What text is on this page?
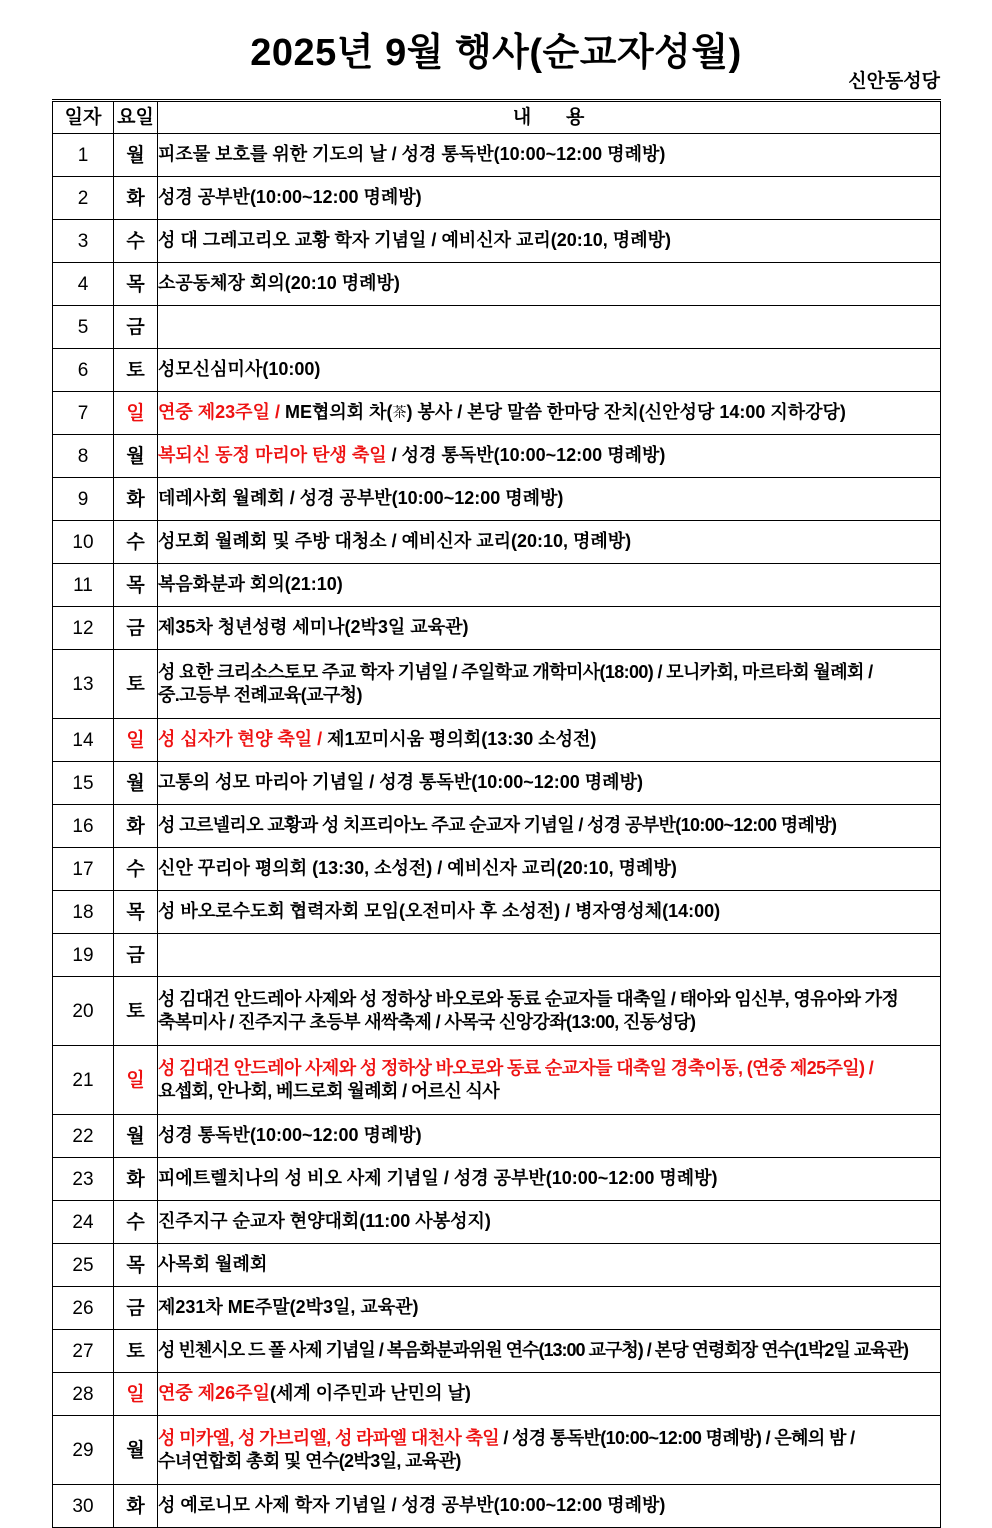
2025년 9월 행사(순교자성월)
신안동성당
일자	요일	내 용
1	월	피조물 보호를 위한 기도의 날 / 성경 통독반(10:00~12:00 명례방)

2	화	성경 공부반(10:00~12:00 명례방)

3	수	성 대 그레고리오 교황 학자 기념일 / 예비신자 교리(20:10, 명례방)

4	목	소공동체장 회의(20:10 명례방)

5	금	

6	토	성모신심미사(10:00)

7	일	연중 제23주일 / ME협의회 차(茶) 봉사 / 본당 말씀 한마당 잔치(신안성당 14:00 지하강당)

8	월	복되신 동정 마리아 탄생 축일 / 성경 통독반(10:00~12:00 명례방)

9	화	데레사회 월례회 / 성경 공부반(10:00~12:00 명례방)

10	수	성모회 월례회 및 주방 대청소 / 예비신자 교리(20:10, 명례방)

11	목	복음화분과 회의(21:10)

12	금	제35차 청년성령 세미나(2박3일 교육관)

13	토	성 요한 크리소스토모 주교 학자 기념일 / 주일학교 개학미사(18:00) / 모니카회, 마르타회 월례회 /
중.고등부 전례교육(교구청)

14	일	성 십자가 현양 축일 / 제1꼬미시움 평의회(13:30 소성전)

15	월	고통의 성모 마리아 기념일 / 성경 통독반(10:00~12:00 명례방)

16	화	성 고르넬리오 교황과 성 치프리아노 주교 순교자 기념일 / 성경 공부반(10:00~12:00 명례방)

17	수	신안 꾸리아 평의회 (13:30, 소성전) / 예비신자 교리(20:10, 명례방)

18	목	성 바오로수도회 협력자회 모임(오전미사 후 소성전) / 병자영성체(14:00)

19	금	

20	토	성 김대건 안드레아 사제와 성 정하상 바오로와 동료 순교자들 대축일 / 태아와 임신부, 영유아와 가정
축복미사 / 진주지구 초등부 새싹축제 / 사목국 신앙강좌(13:00, 진동성당)

21	일	성 김대건 안드레아 사제와 성 정하상 바오로와 동료 순교자들 대축일 경축이동, (연중 제25주일) /
요셉회, 안나회, 베드로회 월례회 / 어르신 식사

22	월	성경 통독반(10:00~12:00 명례방)

23	화	피에트렐치나의 성 비오 사제 기념일 / 성경 공부반(10:00~12:00 명례방)

24	수	진주지구 순교자 현양대회(11:00 사봉성지)

25	목	사목회 월례회

26	금	제231차 ME주말(2박3일, 교육관)

27	토	성 빈첸시오 드 폴 사제 기념일 / 복음화분과위원 연수(13:00 교구청) / 본당 연령회장 연수(1박2일 교육관)

28	일	연중 제26주일(세계 이주민과 난민의 날)

29	월	성 미카엘, 성 가브리엘, 성 라파엘 대천사 축일 / 성경 통독반(10:00~12:00 명례방) / 은혜의 밤 /
수녀연합회 총회 및 연수(2박3일, 교육관)

30	화	성 예로니모 사제 학자 기념일 / 성경 공부반(10:00~12:00 명례방)
